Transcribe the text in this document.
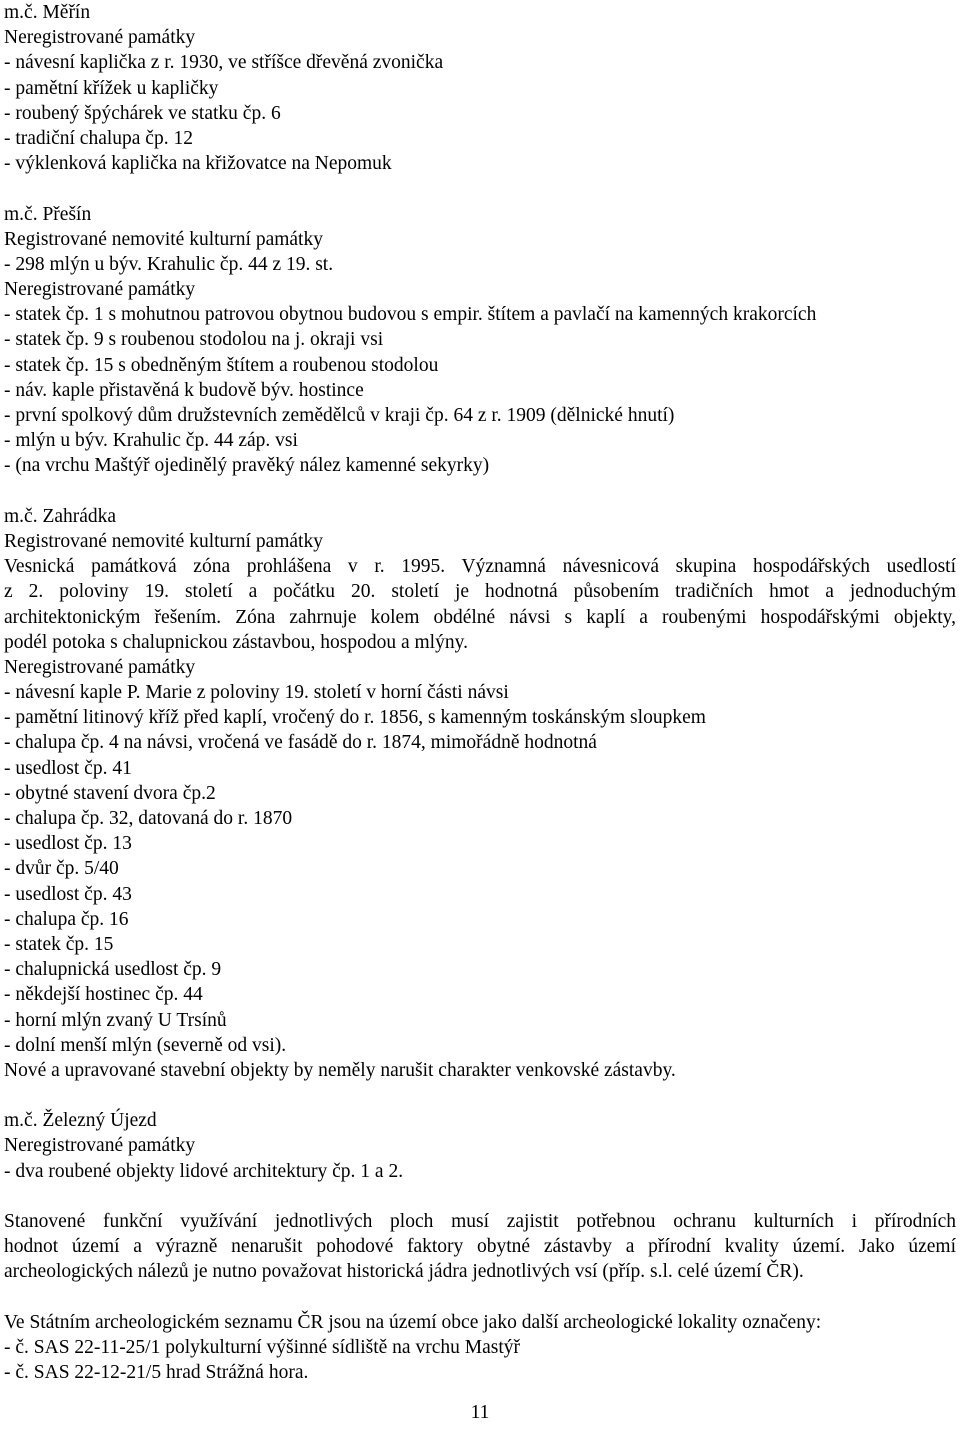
m.č. Měřín
Neregistrované památky
- návesní kaplička z r. 1930, ve stříšce dřevěná zvonička
- pamětní křížek u kapličky
- roubený špýchárek ve statku čp. 6
- tradiční chalupa čp. 12
- výklenková kaplička na křižovatce na Nepomuk
m.č. Přešín
Registrované nemovité kulturní památky
- 298 mlýn u býv. Krahulic čp. 44 z 19. st.
Neregistrované památky
- statek čp. 1 s mohutnou patrovou obytnou budovou s empir. štítem a pavlačí na kamenných krakorcích
- statek čp. 9 s roubenou stodolou na j. okraji vsi
- statek čp. 15 s obedněným štítem a roubenou stodolou
- náv. kaple přistavěná k budově býv. hostince
- první spolkový dům družstevních zemědělců v kraji čp. 64 z r. 1909 (dělnické hnutí)
- mlýn u býv. Krahulic čp. 44 záp. vsi
- (na vrchu Maštýř ojedinělý pravěký nález kamenné sekyrky)
m.č. Zahrádka
Registrované nemovité kulturní památky
Vesnická památková zóna prohlášena v r. 1995. Významná návesnicová skupina hospodářských usedlostí
z 2. poloviny 19. století a počátku 20. století je hodnotná působením tradičních hmot a jednoduchým
architektonickým řešením. Zóna zahrnuje kolem obdélné návsi s kaplí a roubenými hospodářskými objekty,
podél potoka s chalupnickou zástavbou, hospodou a mlýny.
Neregistrované památky
- návesní kaple P. Marie z poloviny 19. století v horní části návsi
- pamětní litinový kříž před kaplí, vročený do r. 1856, s kamenným toskánským sloupkem
- chalupa čp. 4 na návsi, vročená ve fasádě do r. 1874, mimořádně hodnotná
- usedlost čp. 41
- obytné stavení dvora čp.2
- chalupa čp. 32, datovaná do r. 1870
- usedlost čp. 13
- dvůr čp. 5/40
- usedlost čp. 43
- chalupa čp. 16
- statek čp. 15
- chalupnická usedlost čp. 9
- někdejší hostinec čp. 44
- horní mlýn zvaný U Trsínů
- dolní menší mlýn (severně od vsi).
Nové a upravované stavební objekty by neměly narušit charakter venkovské zástavby.
m.č. Železný Újezd
Neregistrované památky
- dva roubené objekty lidové architektury čp. 1 a 2.
Stanovené funkční využívání jednotlivých ploch musí zajistit potřebnou ochranu kulturních i přírodních
hodnot území a výrazně nenarušit pohodové faktory obytné zástavby a přírodní kvality území. Jako území
archeologických nálezů je nutno považovat historická jádra jednotlivých vsí (příp. s.l. celé území ČR).
Ve Státním archeologickém seznamu ČR jsou na území obce jako další archeologické lokality označeny:
- č. SAS 22-11-25/1 polykulturní výšinné sídliště na vrchu Mastýř
- č. SAS 22-12-21/5 hrad Strážná hora.
11
